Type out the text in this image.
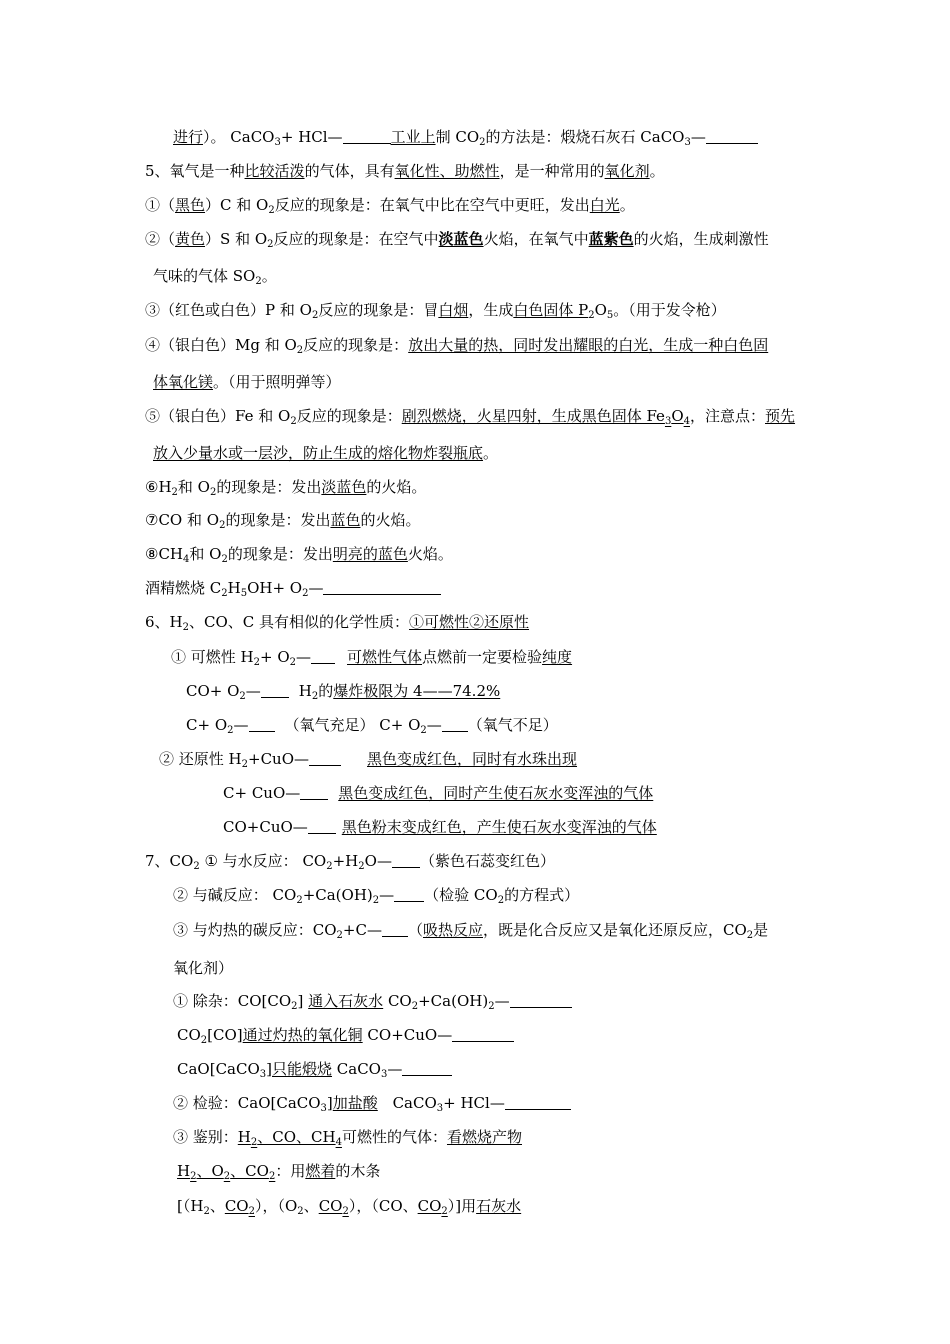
进行）。 CaCO$_3$+ HCl—	工业上制 $CO_2$的方法是：煅烧石灰石 CaCO$_3$—
5、氧气是一种比较活泼的气体，具有氧化性、助燃性，是一种常用的氧化剂。
①（黑色）C 和 $O_2$反应的现象是：在氧气中比在空气中更旺，发出白光。
②（黄色）S 和 $O_2$反应的现象是：在空气中淡蓝色火焰，在氧气中蓝紫色的火焰，生成刺激性
气味的气体 $SO_2$。
③（红色或白色）P 和 $O_2$反应的现象是：冒白烟，生成白色固体 $P_2O_5$。（用于发令枪）
④（银白色）Mg 和 $O_2$反应的现象是：放出大量的热，同时发出耀眼的白光，生成一种白色固
体氧化镁。（用于照明弹等）
⑤（银白色）Fe 和 $O_2$反应的现象是：剧烈燃烧，火星四射，生成黑色固体 $Fe_3O_4$，注意点：预先
放入少量水或一层沙，防止生成的熔化物炸裂瓶底。
$⑥H_2$和 $O_2$的现象是：发出淡蓝色的火焰。
⑦CO 和 $O_2$的现象是：发出蓝色的火焰。
$⑧CH_4$和 $O_2$的现象是：发出明亮的蓝色火焰。
酒精燃烧 $C_2H_5OH+$ $O_2—$
6、$H_2$、CO、C 具有相似的化学性质：①可燃性②还原性
① 可燃性 $H_2+$ $O_2—$ 可燃性气体点燃前一定要检验纯度
$CO+ O_2—$	$H_2$的爆炸极限为 4——74.2%
$C+ O_2—$ （氧气充足） $C+ O_2—$ （氧气不足）
② 还原性 $H_2+CuO—$	黑色变成红色，同时有水珠出现
C+ CuO—	黑色变成红色，同时产生使石灰水变浑浊的气体
CO+CuO— 黑色粉末变成红色，产生使石灰水变浑浊的气体
7、$CO_2$ ① 与水反应： $CO_2+H_2O—$ （紫色石蕊变红色）
② 与碱反应： $CO_2+Ca(OH)_2—$ （检验 $CO_2$的方程式）
③ 与灼热的碳反应：$CO_2+C—$ （吸热反应，既是化合反应又是氧化还原反应，$CO_2$是
氧化剂）
① 除杂：$CO[CO_2]$ 通入石灰水 $CO_2+Ca(OH)_2—$
$CO_2[CO]$通过灼热的氧化铜 CO+CuO—
CaO[CaCO$_3$]只能煅烧 CaCO$_3$—
② 检验：CaO[CaCO$_3$]加盐酸 CaCO$_3$+ HCl—
③ 鉴别：$H_2$、CO、$CH_4$可燃性的气体：看燃烧产物
$H_2$、$O_2$、$CO_2$：用燃着的木条
[（$H_2$、$CO_2$），（$O_2$、$CO_2$），（CO、$CO_2$）]用石灰水
